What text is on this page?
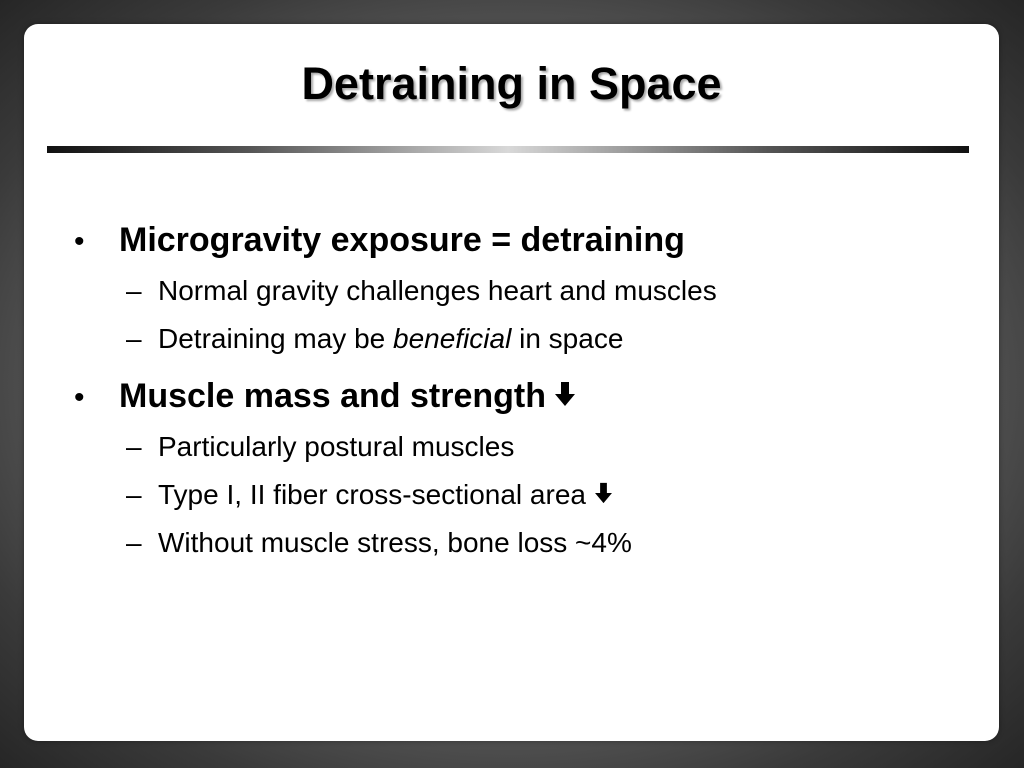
Detraining in Space
•	Microgravity exposure = detraining
– Normal gravity challenges heart and muscles
– Detraining may be beneficial in space
•	Muscle mass and strength
– Particularly postural muscles
– Type I, II fiber cross-sectional area
– Without muscle stress, bone loss ~4%
